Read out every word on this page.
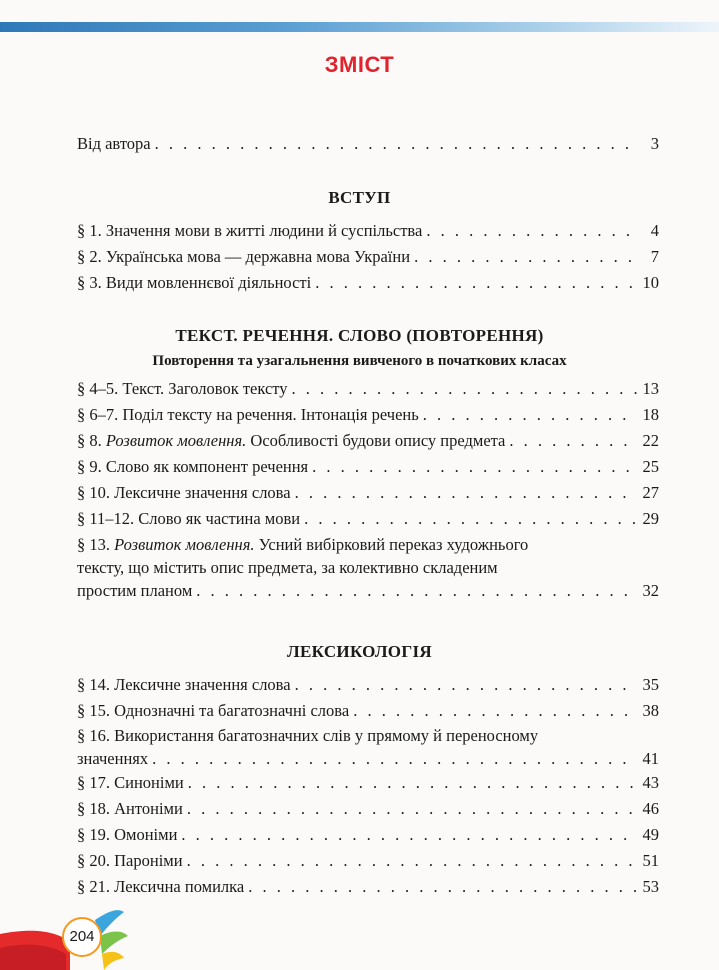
ЗМІСТ
Від автора . . .	3
ВСТУП
§ 1. Значення мови в житті людини й суспільства . . .	4
§ 2. Українська мова — державна мова України . . .	7
§ 3. Види мовленнєвої діяльності . . .	10
ТЕКСТ. РЕЧЕННЯ. СЛОВО (ПОВТОРЕННЯ)
Повторення та узагальнення вивченого в початкових класах
§ 4–5. Текст. Заголовок тексту . . .	13
§ 6–7. Поділ тексту на речення. Інтонація речень . . .	18
§ 8. Розвиток мовлення. Особливості будови опису предмета . . .	22
§ 9. Слово як компонент речення . . .	25
§ 10. Лексичне значення слова . . .	27
§ 11–12. Слово як частина мови . . .	29
§ 13. Розвиток мовлення. Усний вибірковий переказ художнього
тексту, що містить опис предмета, за колективно складеним
простим планом . . .	32
ЛЕКСИКОЛОГІЯ
§ 14. Лексичне значення слова . . .	35
§ 15. Однозначні та багатозначні слова . . .	38
§ 16. Використання багатозначних слів у прямому й переносному
значеннях . . .	41
§ 17. Синоніми . . .	43
§ 18. Антоніми . . .	46
§ 19. Омоніми . . .	49
§ 20. Пароніми . . .	51
§ 21. Лексична помилка . . .	53
204
